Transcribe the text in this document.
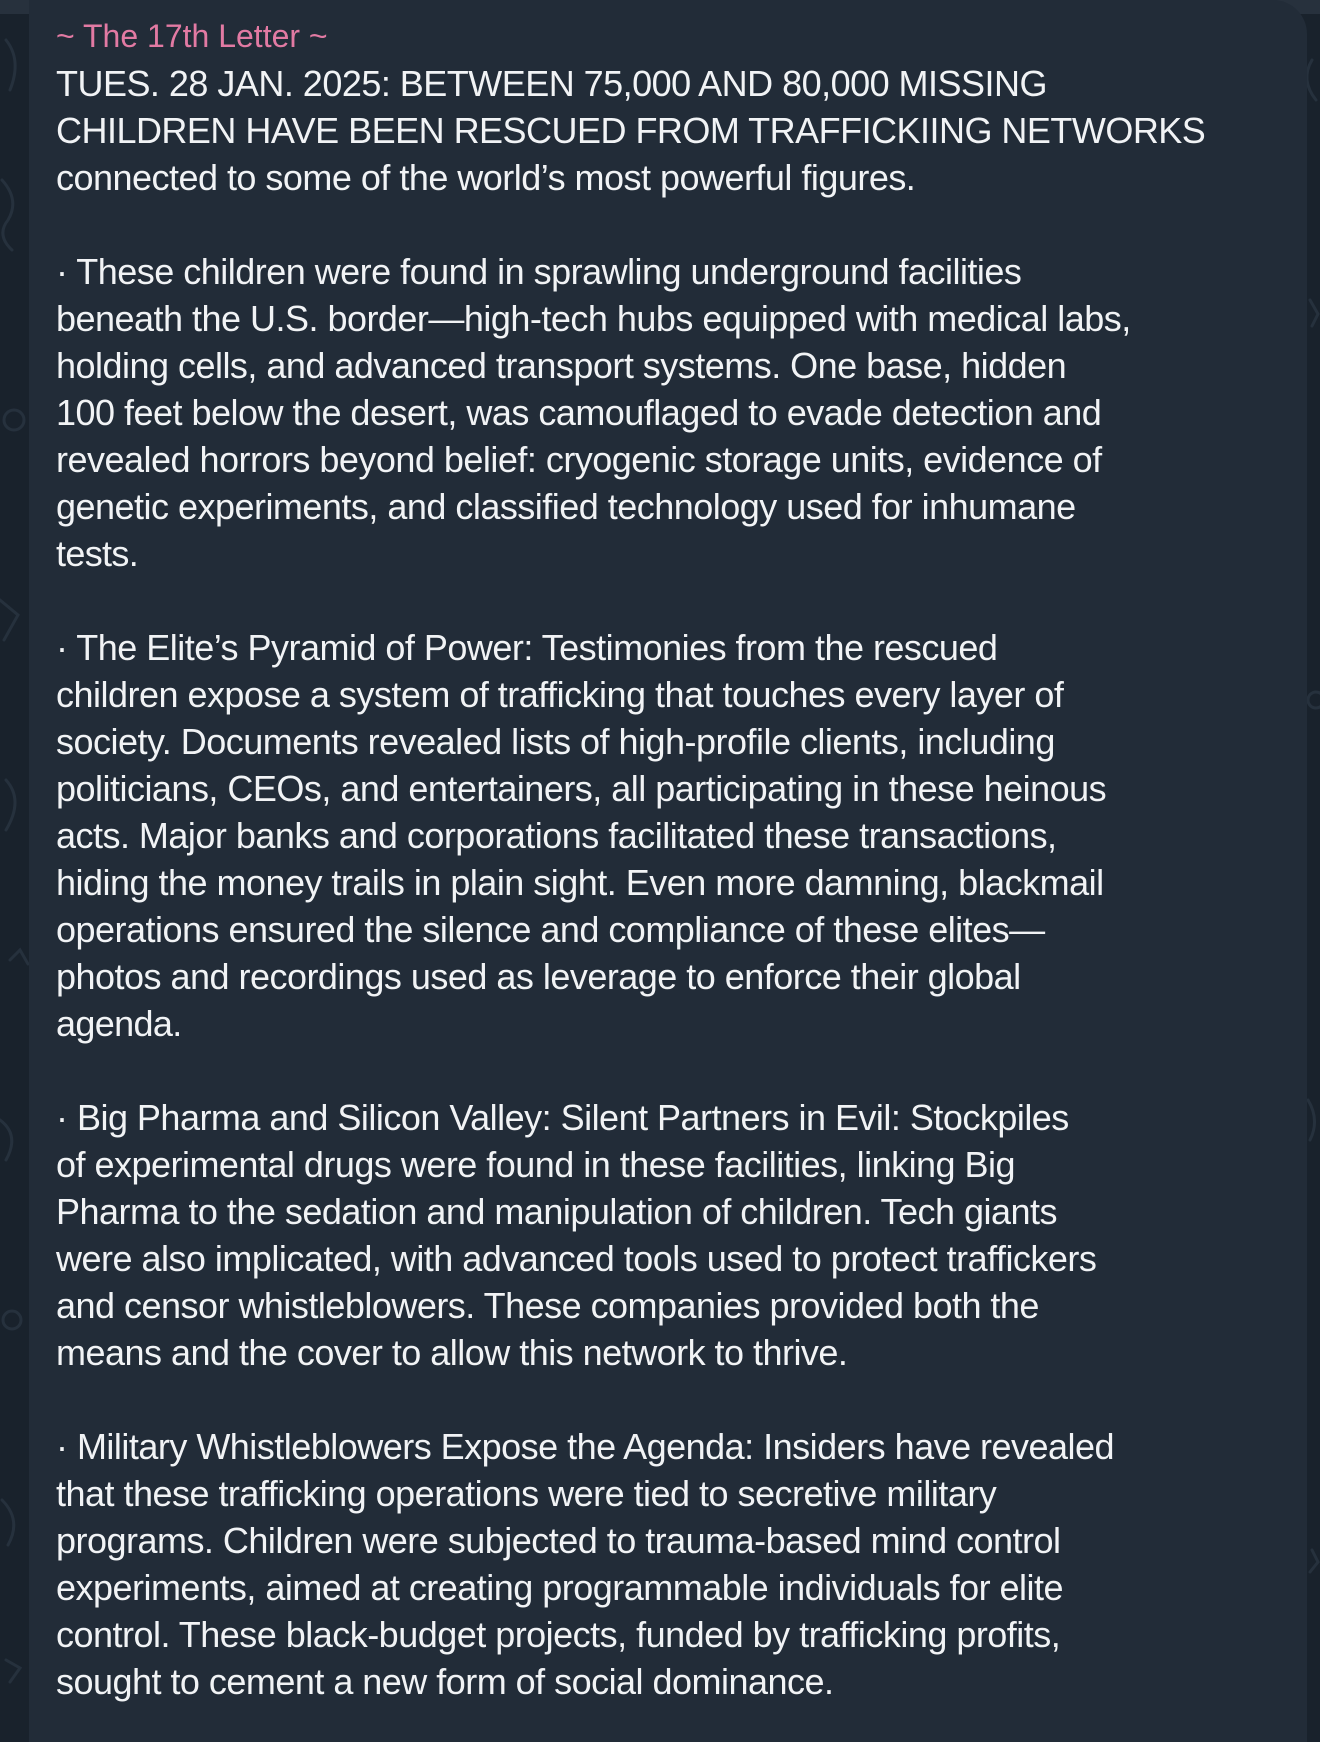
~ The 17th Letter ~
TUES. 28 JAN. 2025: BETWEEN 75,000 AND 80,000 MISSING
CHILDREN HAVE BEEN RESCUED FROM TRAFFICKIING NETWORKS
connected to some of the world’s most powerful figures.
· These children were found in sprawling underground facilities
beneath the U.S. border—high-tech hubs equipped with medical labs,
holding cells, and advanced transport systems. One base, hidden
100 feet below the desert, was camouflaged to evade detection and
revealed horrors beyond belief: cryogenic storage units, evidence of
genetic experiments, and classified technology used for inhumane
tests.
· The Elite’s Pyramid of Power: Testimonies from the rescued
children expose a system of trafficking that touches every layer of
society. Documents revealed lists of high-profile clients, including
politicians, CEOs, and entertainers, all participating in these heinous
acts. Major banks and corporations facilitated these transactions,
hiding the money trails in plain sight. Even more damning, blackmail
operations ensured the silence and compliance of these elites—
photos and recordings used as leverage to enforce their global
agenda.
· Big Pharma and Silicon Valley: Silent Partners in Evil: Stockpiles
of experimental drugs were found in these facilities, linking Big
Pharma to the sedation and manipulation of children. Tech giants
were also implicated, with advanced tools used to protect traffickers
and censor whistleblowers. These companies provided both the
means and the cover to allow this network to thrive.
· Military Whistleblowers Expose the Agenda: Insiders have revealed
that these trafficking operations were tied to secretive military
programs. Children were subjected to trauma-based mind control
experiments, aimed at creating programmable individuals for elite
control. These black-budget projects, funded by trafficking profits,
sought to cement a new form of social dominance.
